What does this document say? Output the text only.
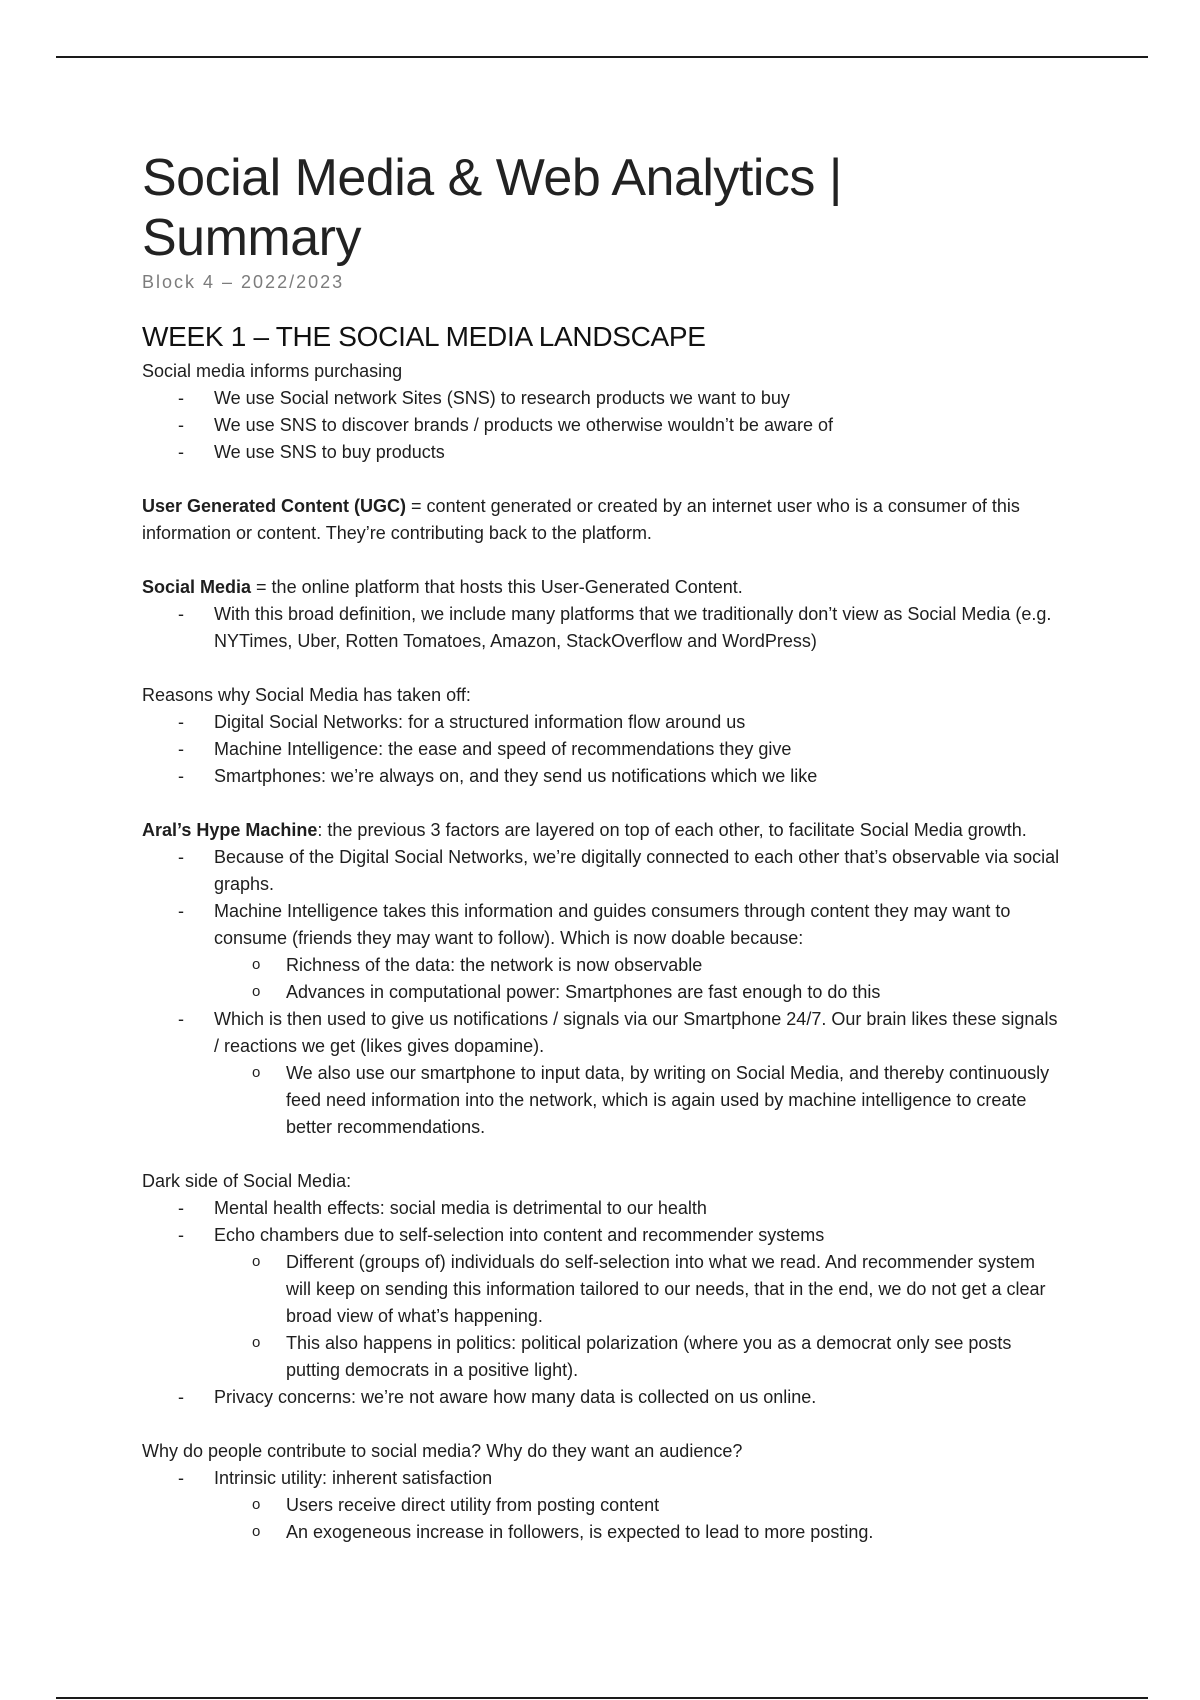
Social Media & Web Analytics | Summary
Block 4 – 2022/2023
WEEK 1 – THE SOCIAL MEDIA LANDSCAPE

Social media informs purchasing

- We use Social network Sites (SNS) to research products we want to buy
- We use SNS to discover brands / products we otherwise wouldn’t be aware of
- We use SNS to buy products

User Generated Content (UGC) = content generated or created by an internet user who is a consumer of this information or content. They’re contributing back to the platform.

Social Media = the online platform that hosts this User-Generated Content.

- With this broad definition, we include many platforms that we traditionally don’t view as Social Media (e.g. NYTimes, Uber, Rotten Tomatoes, Amazon, StackOverflow and WordPress)

Reasons why Social Media has taken off:

- Digital Social Networks: for a structured information flow around us
- Machine Intelligence: the ease and speed of recommendations they give
- Smartphones: we’re always on, and they send us notifications which we like

Aral’s Hype Machine: the previous 3 factors are layered on top of each other, to facilitate Social Media growth.

- Because of the Digital Social Networks, we’re digitally connected to each other that’s observable via social graphs.
- Machine Intelligence takes this information and guides consumers through content they may want to consume (friends they may want to follow). Which is now doable because:
o Richness of the data: the network is now observable
o Advances in computational power: Smartphones are fast enough to do this
- Which is then used to give us notifications / signals via our Smartphone 24/7. Our brain likes these signals / reactions we get (likes gives dopamine).
o We also use our smartphone to input data, by writing on Social Media, and thereby continuously feed need information into the network, which is again used by machine intelligence to create better recommendations.

Dark side of Social Media:

- Mental health effects: social media is detrimental to our health
- Echo chambers due to self-selection into content and recommender systems
o Different (groups of) individuals do self-selection into what we read. And recommender system will keep on sending this information tailored to our needs, that in the end, we do not get a clear broad view of what’s happening.
o This also happens in politics: political polarization (where you as a democrat only see posts putting democrats in a positive light).
- Privacy concerns: we’re not aware how many data is collected on us online.

Why do people contribute to social media? Why do they want an audience?

- Intrinsic utility: inherent satisfaction
o Users receive direct utility from posting content
o An exogeneous increase in followers, is expected to lead to more posting.
